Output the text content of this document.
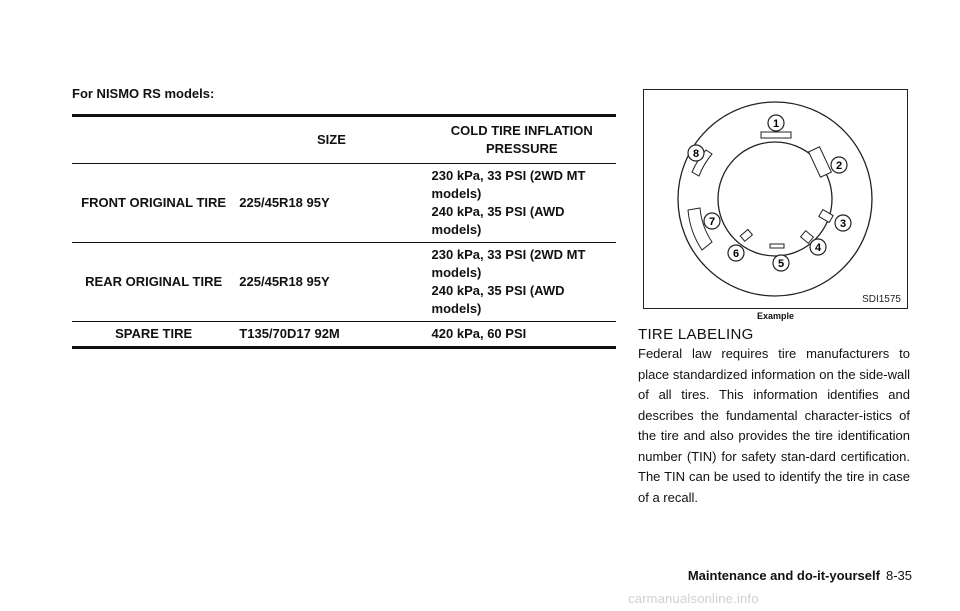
For NISMO RS models:
	SIZE	COLD TIRE INFLATION PRESSURE
FRONT ORIGINAL TIRE	225/45R18 95Y	230 kPa, 33 PSI (2WD MT models)
240 kPa, 35 PSI (AWD models)

REAR ORIGINAL TIRE	225/45R18 95Y	230 kPa, 33 PSI (2WD MT models)
240 kPa, 35 PSI (AWD models)

SPARE TIRE	T135/70D17 92M	420 kPa, 60 PSI
1
2
3
4
5
6
7
8
SDI1575
Example
TIRE LABELING
Federal law requires tire manufacturers to place standardized information on the side-wall of all tires. This information identifies and describes the fundamental character-istics of the tire and also provides the tire identification number (TIN) for safety stan-dard certification. The TIN can be used to identify the tire in case of a recall.
Maintenance and do-it-yourself 8-35
carmanualsonline.info
